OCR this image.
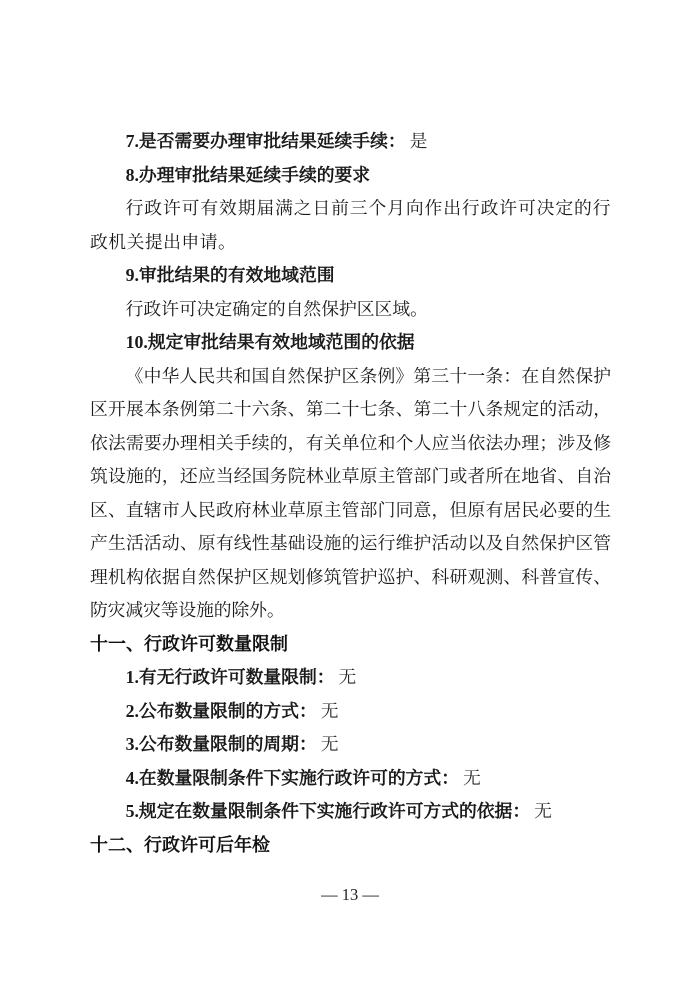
7.是否需要办理审批结果延续手续： 是

8.办理审批结果延续手续的要求

行政许可有效期届满之日前三个月向作出行政许可决定的行政机关提出申请。

9.审批结果的有效地域范围

行政许可决定确定的自然保护区区域。

10.规定审批结果有效地域范围的依据

《中华人民共和国自然保护区条例》第三十一条：在自然保护区开展本条例第二十六条、第二十七条、第二十八条规定的活动，依法需要办理相关手续的，有关单位和个人应当依法办理；涉及修筑设施的，还应当经国务院林业草原主管部门或者所在地省、自治区、直辖市人民政府林业草原主管部门同意，但原有居民必要的生产生活活动、原有线性基础设施的运行维护活动以及自然保护区管理机构依据自然保护区规划修筑管护巡护、科研观测、科普宣传、防灾减灾等设施的除外。

十一、行政许可数量限制

1.有无行政许可数量限制： 无

2.公布数量限制的方式： 无

3.公布数量限制的周期： 无

4.在数量限制条件下实施行政许可的方式： 无

5.规定在数量限制条件下实施行政许可方式的依据： 无

十二、行政许可后年检

— 13 —
